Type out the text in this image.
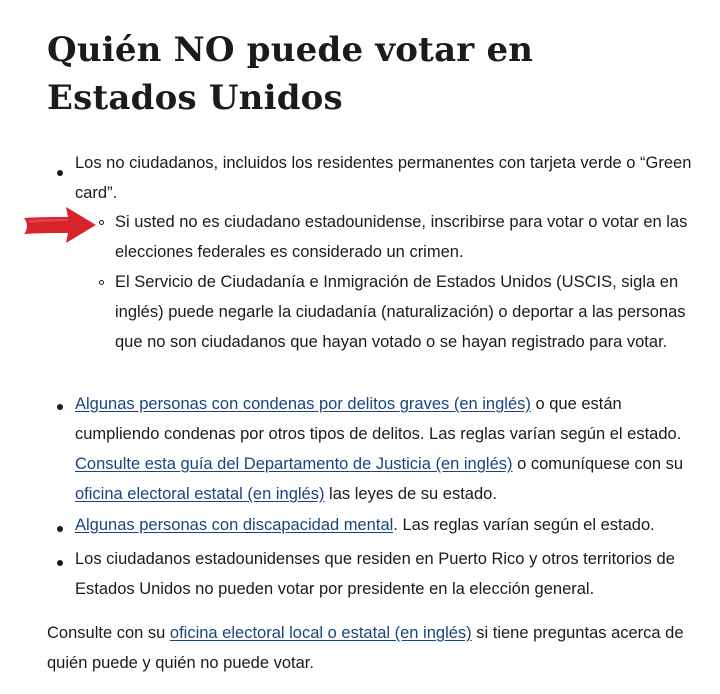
Quién NO puede votar en Estados Unidos

Los no ciudadanos, incluidos los residentes permanentes con tarjeta verde o “Green card”.

Si usted no es ciudadano estadounidense, inscribirse para votar o votar en las elecciones federales es considerado un crimen.

El Servicio de Ciudadanía e Inmigración de Estados Unidos (USCIS, sigla en inglés) puede negarle la ciudadanía (naturalización) o deportar a las personas que no son ciudadanos que hayan votado o se hayan registrado para votar.

Algunas personas con condenas por delitos graves (en inglés) o que están cumpliendo condenas por otros tipos de delitos. Las reglas varían según el estado. Consulte esta guía del Departamento de Justicia (en inglés) o comuníquese con su oficina electoral estatal (en inglés) las leyes de su estado.

Algunas personas con discapacidad mental. Las reglas varían según el estado.

Los ciudadanos estadounidenses que residen en Puerto Rico y otros territorios de Estados Unidos no pueden votar por presidente en la elección general.

Consulte con su oficina electoral local o estatal (en inglés) si tiene preguntas acerca de quién puede y quién no puede votar.
